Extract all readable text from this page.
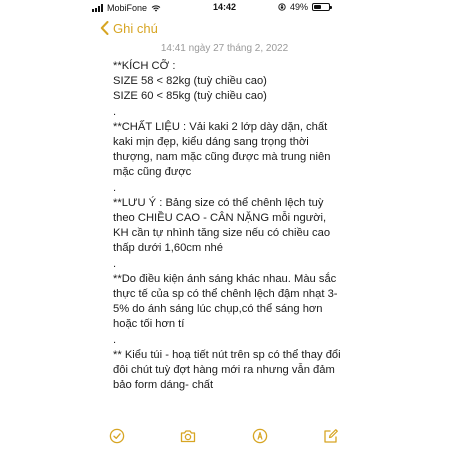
MobiFone	14:42	49%
Ghi chú
14:41 ngày 27 tháng 2, 2022

**KÍCH CỠ :

SIZE 58 < 82kg (tuỳ chiều cao)

SIZE 60 < 85kg (tuỳ chiều cao)

.

**CHẤT LIỆU : Vải kaki 2 lớp dày dặn, chất kaki mịn đẹp, kiểu dáng sang trọng thời thượng, nam mặc cũng được mà trung niên mặc cũng được

.

**LƯU Ý : Bảng size có thể chênh lệch tuỳ theo CHIỀU CAO - CÂN NẶNG mỗi người, KH cần tự nhình tăng size nếu có chiều cao thấp dưới 1,60cm nhé

.

**Do điều kiện ánh sáng khác nhau. Màu sắc thực tế của sp có thể chênh lệch đậm nhạt 3-5% do ánh sáng lúc chụp,có thể sáng hơn hoặc tối hơn tí

.

** Kiểu túi - hoạ tiết nút trên sp có thể thay đổi đôi chút tuỳ đợt hàng mới ra nhưng vẫn đảm bảo form dáng- chất
